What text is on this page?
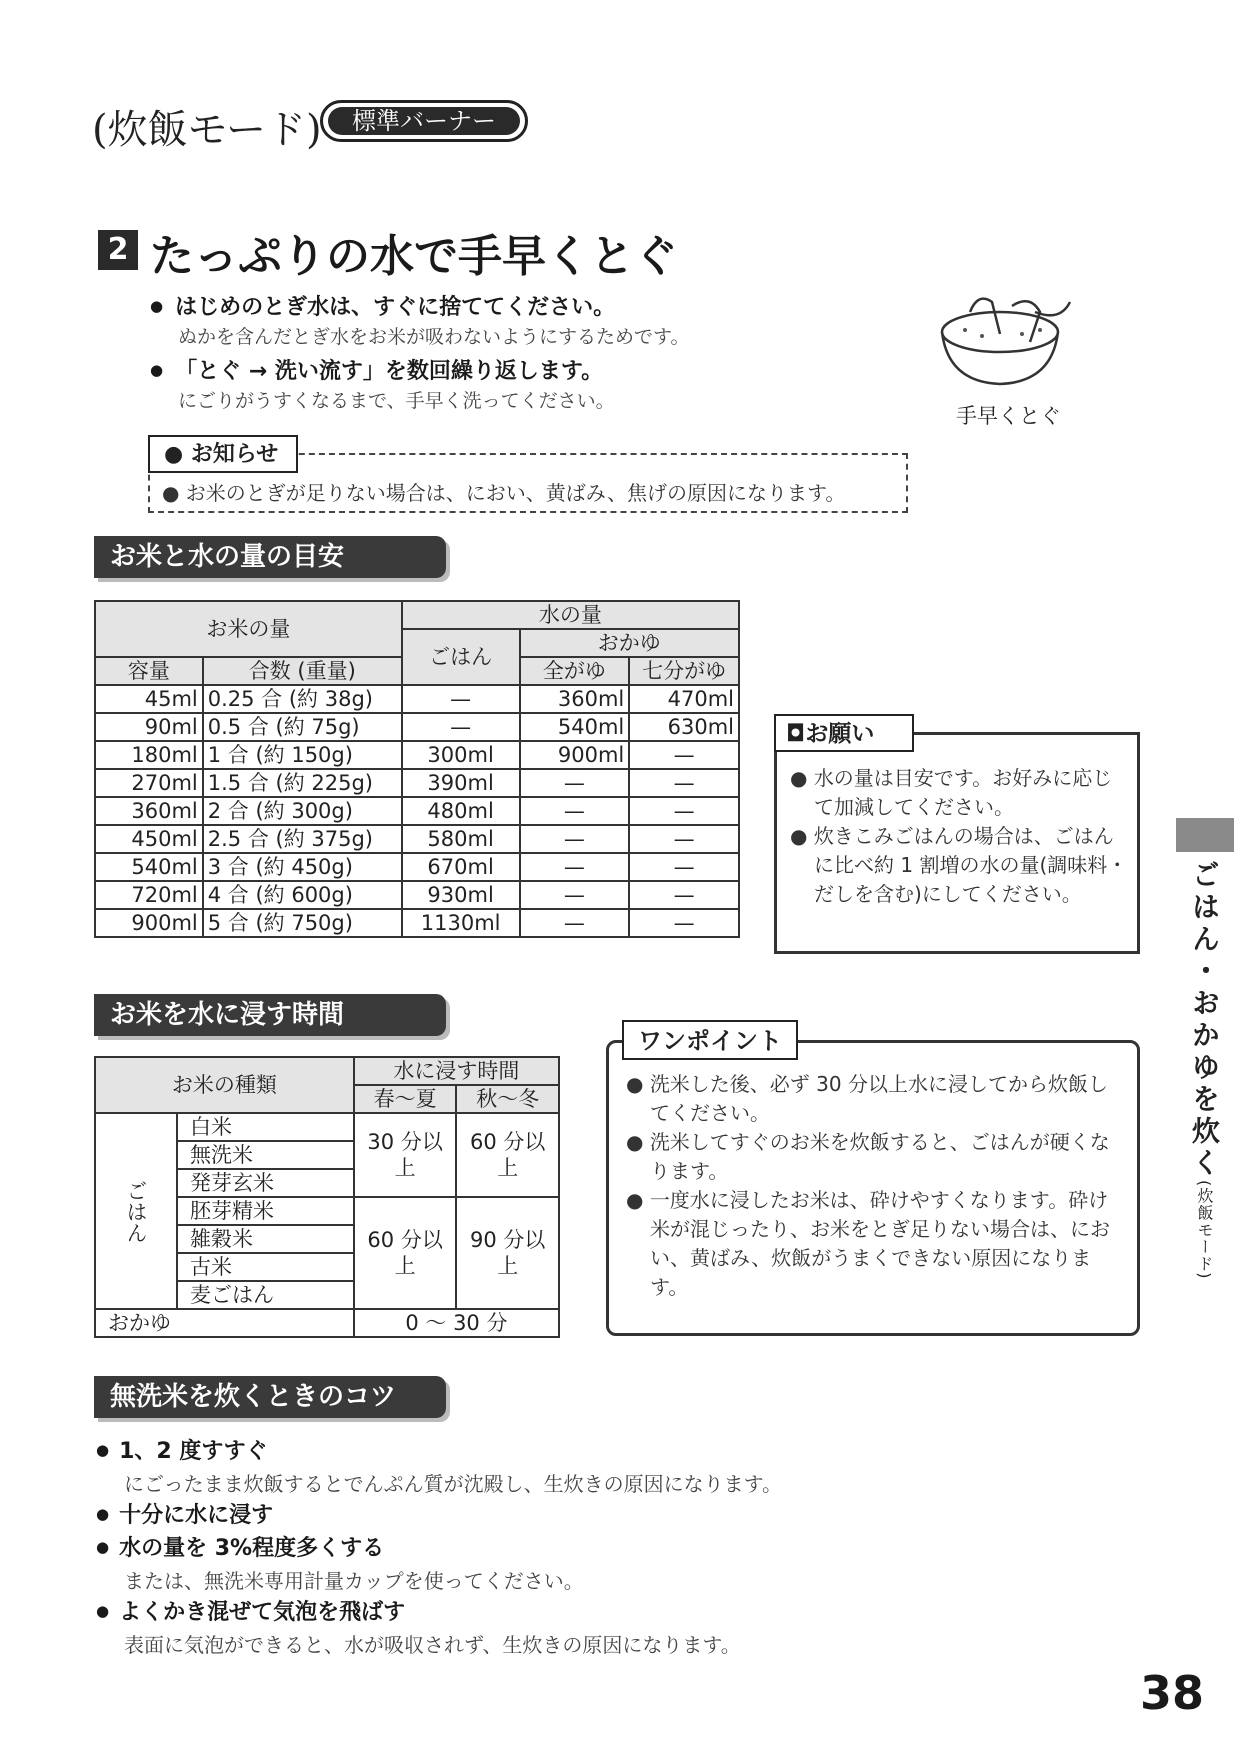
(炊飯モード)	標準バーナー
2 たっぷりの水で手早くとぐ
● はじめのとぎ水は、すぐに捨ててください。
ぬかを含んだとぎ水をお米が吸わないようにするためです。
● 「とぐ → 洗い流す」を数回繰り返します。
にごりがうすくなるまで、手早く洗ってください。
手早くとぐ
● お知らせ
● お米のとぎが足りない場合は、におい、黄ばみ、焦げの原因になります。
お米と水の量の目安
お米の量		水の量		
		ごはん	おかゆ	
容量	合数 (重量)		全がゆ	七分がゆ
45ml	0.25 合 (約 38g)	—	360ml	470ml
90ml	0.5 合 (約 75g)	—	540ml	630ml
180ml	1 合 (約 150g)	300ml	900ml	—
270ml	1.5 合 (約 225g)	390ml	—	—
360ml	2 合 (約 300g)	480ml	—	—
450ml	2.5 合 (約 375g)	580ml	—	—
540ml	3 合 (約 450g)	670ml	—	—
720ml	4 合 (約 600g)	930ml	—	—
900ml	5 合 (約 750g)	1130ml	—	—
◘お願い

● 水の量は目安です。お好みに応じて加減してください。

● 炊きこみごはんの場合は、ごはんに比べ約 1 割増の水の量(調味料・だしを含む)にしてください。

お米を水に浸す時間
お米の種類		水に浸す時間	
		春〜夏	秋〜冬
ごはん	白米	30 分以上	60 分以上
	無洗米		
	発芽玄米		
	胚芽精米	60 分以上	90 分以上
	雑穀米		
	古米		
	麦ごはん		
おかゆ		0 〜 30 分	
ワンポイント

● 洗米した後、必ず 30 分以上水に浸してから炊飯してください。

● 洗米してすぐのお米を炊飯すると、ごはんが硬くなります。

● 一度水に浸したお米は、砕けやすくなります。砕け米が混じったり、お米をとぎ足りない場合は、におい、黄ばみ、炊飯がうまくできない原因になります。

無洗米を炊くときのコツ
● 1、2 度すすぐ
にごったまま炊飯するとでんぷん質が沈殿し、生炊きの原因になります。
● 十分に水に浸す
● 水の量を 3%程度多くする
または、無洗米専用計量カップを使ってください。
● よくかき混ぜて気泡を飛ばす
表面に気泡ができると、水が吸収されず、生炊きの原因になります。
ごはん・おかゆを炊く(炊飯モード)
38
